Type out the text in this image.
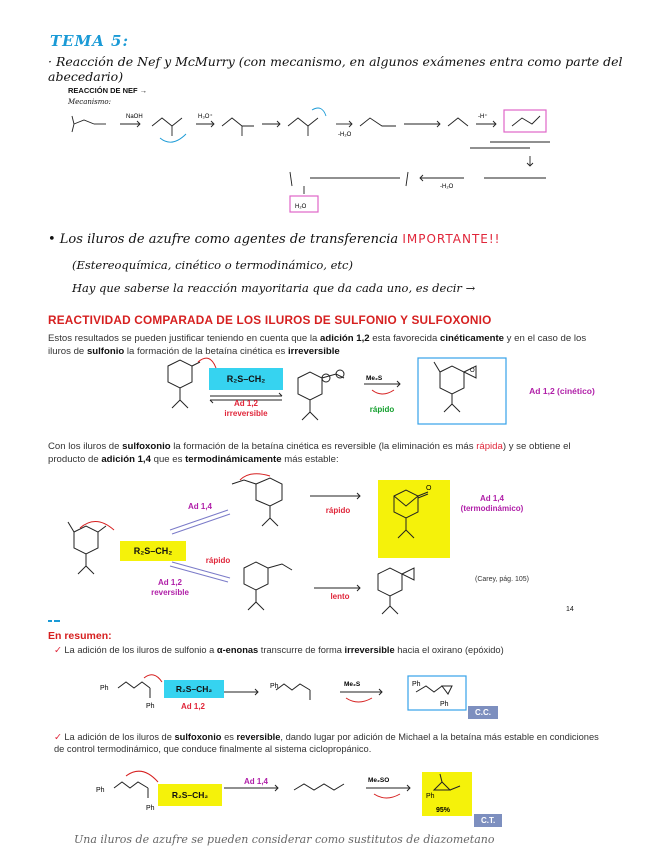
TEMA 5:
· Reacción de Nef y McMurry (con mecanismo, en algunos exámenes entra como parte del abecedario)
REACCIÓN DE NEF →
Mecanismo:
NaOH	H₃O⁺
-H₂O
-H⁺
H₂O
-H₂O
• Los iluros de azufre como agentes de transferencia IMPORTANTE!!
(Estereoquímica, cinético o termodinámico, etc)
Hay que saberse la reacción mayoritaria que da cada uno, es decir →
REACTIVIDAD COMPARADA DE LOS ILUROS DE SULFONIO Y SULFOXONIO
Estos resultados se pueden justificar teniendo en cuenta que la adición 1,2 esta favorecida cinéticamente y en el caso de los iluros de sulfonio la formación de la betaína cinética es irreversible
R₂S–CH₂
O
Me₂S
Ad 1,2
irreversible	rápido
Ad 1,2 (cinético)
Con los iluros de sulfoxonio la formación de la betaína cinética es reversible (la eliminación es más rápida) y se obtiene el producto de adición 1,4 que es termodinámicamente más estable:
O
R₂S–CH₂
Ad 1,4
Ad 1,2
reversible
rápido
rápido
lento
Ad 1,4
(termodinámico)
(Carey, pág. 105)
14
En resumen:
✓ La adición de los iluros de sulfonio a α-enonas transcurre de forma irreversible hacia el oxirano (epóxido)
Ph	Ph	Me₂S	Ph
Ph
Ph
R₂S–CH₂
Ad 1,2
C.C.
✓ La adición de los iluros de sulfoxonio es reversible, dando lugar por adición de Michael a la betaína más estable en condiciones de control termodinámico, que conduce finalmente al sistema ciclopropánico.
Ph
Ph
Me₂SO
Ph
95%
R₂S–CH₂
Ad 1,4
C.T.
Una iluros de azufre se pueden considerar como sustitutos de diazometano
